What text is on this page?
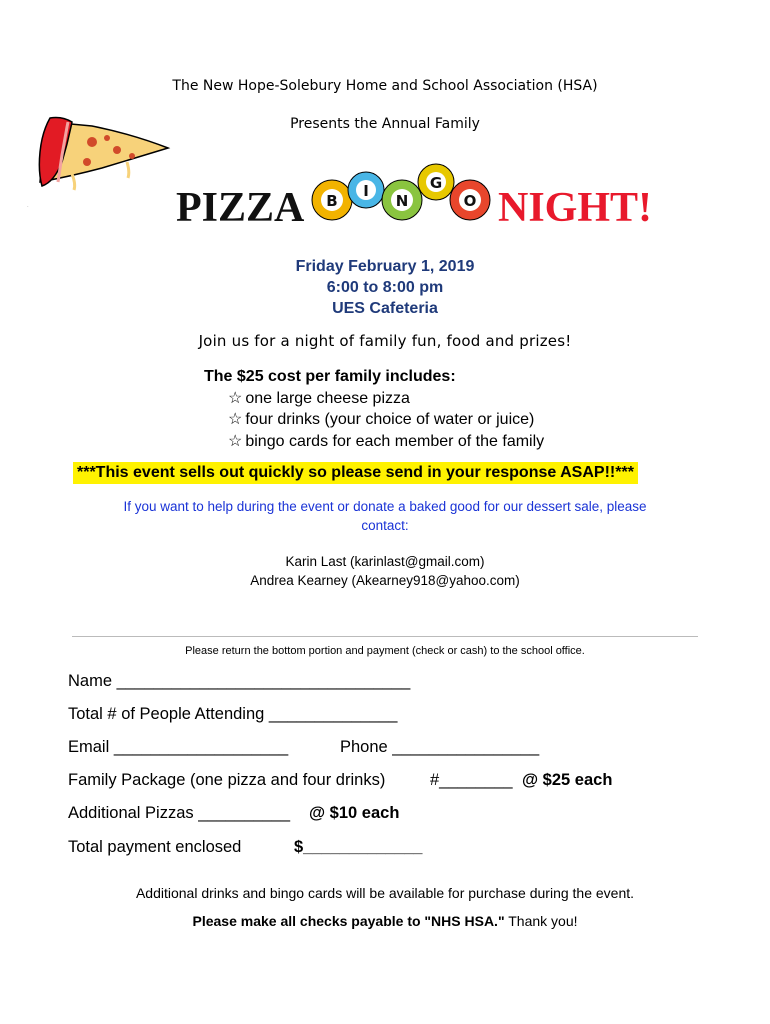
.
The New Hope-Solebury Home and School Association (HSA)
Presents the Annual Family
PIZZA B
I
N
G
O NIGHT!
Friday February 1, 2019
6:00 to 8:00 pm
UES Cafeteria
Join us for a night of family fun, food and prizes!
The $25 cost per family includes:
☆ one large cheese pizza
☆ four drinks (your choice of water or juice)
☆ bingo cards for each member of the family
***This event sells out quickly so please send in your response ASAP!!***
If you want to help during the event or donate a baked good for our dessert sale, please
contact:
Karin Last (karinlast@gmail.com)
Andrea Kearney (Akearney918@yahoo.com)
Please return the bottom portion and payment (check or cash) to the school office.
Name ________________________________
Total # of People Attending ______________
Email ___________________	Phone ________________
Family Package (one pizza and four drinks)	#________ @ $25 each
Additional Pizzas __________ @ $10 each
Total payment enclosed	$_____________
Additional drinks and bingo cards will be available for purchase during the event.
Please make all checks payable to "NHS HSA." Thank you!
